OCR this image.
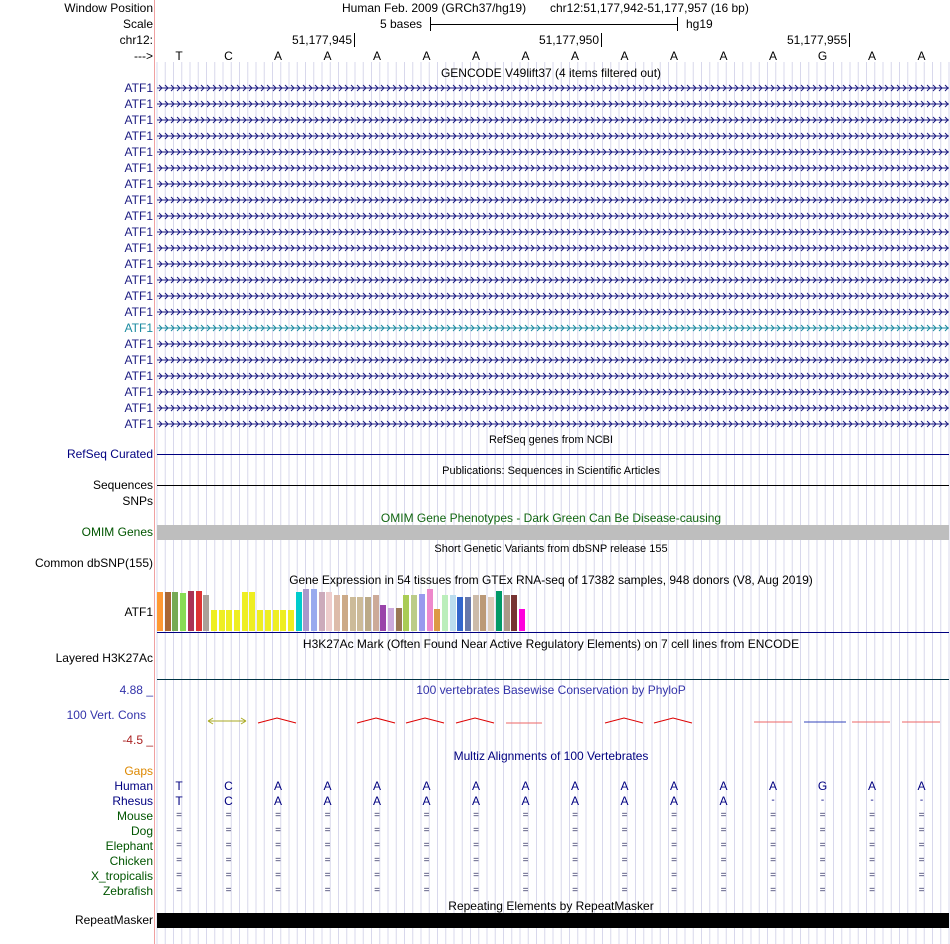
Window Position	Human Feb. 2009 (GRCh37/hg19) chr12:51,177,942-51,177,957 (16 bp)
Scale	5 bases	hg19
chr12:	51,177,945	51,177,950	51,177,955
--->	T	C	A	A	A	A	A	A	A	A	A	A	A	G	A	A
GENCODE V49lift37 (4 items filtered out)
ATF1
ATF1
ATF1
ATF1
ATF1
ATF1
ATF1
ATF1
ATF1
ATF1
ATF1
ATF1
ATF1
ATF1
ATF1
ATF1
ATF1
ATF1
ATF1
ATF1
ATF1
ATF1
RefSeq genes from NCBI
RefSeq Curated
Publications: Sequences in Scientific Articles
Sequences
SNPs
OMIM Gene Phenotypes - Dark Green Can Be Disease-causing
OMIM Genes
Short Genetic Variants from dbSNP release 155
Common dbSNP(155)
Gene Expression in 54 tissues from GTEx RNA-seq of 17382 samples, 948 donors (V8, Aug 2019)
ATF1
H3K27Ac Mark (Often Found Near Active Regulatory Elements) on 7 cell lines from ENCODE
Layered H3K27Ac
100 vertebrates Basewise Conservation by PhyloP
4.88 _
100 Vert. Cons
-4.5 _
Multiz Alignments of 100 Vertebrates
Gaps
Human	T	C	A	A	A	A	A	A	A	A	A	A	A	G	A	A
Rhesus	T	C	A	A	A	A	A	A	A	A	A	A	-	-	-	-
Mouse	=	=	=	=	=	=	=	=	=	=	=	=	=	=	=	=
Dog	=	=	=	=	=	=	=	=	=	=	=	=	=	=	=	=
Elephant	=	=	=	=	=	=	=	=	=	=	=	=	=	=	=	=
Chicken	=	=	=	=	=	=	=	=	=	=	=	=	=	=	=	=
X_tropicalis	=	=	=	=	=	=	=	=	=	=	=	=	=	=	=	=
Zebrafish	=	=	=	=	=	=	=	=	=	=	=	=	=	=	=	=
Repeating Elements by RepeatMasker
RepeatMasker
